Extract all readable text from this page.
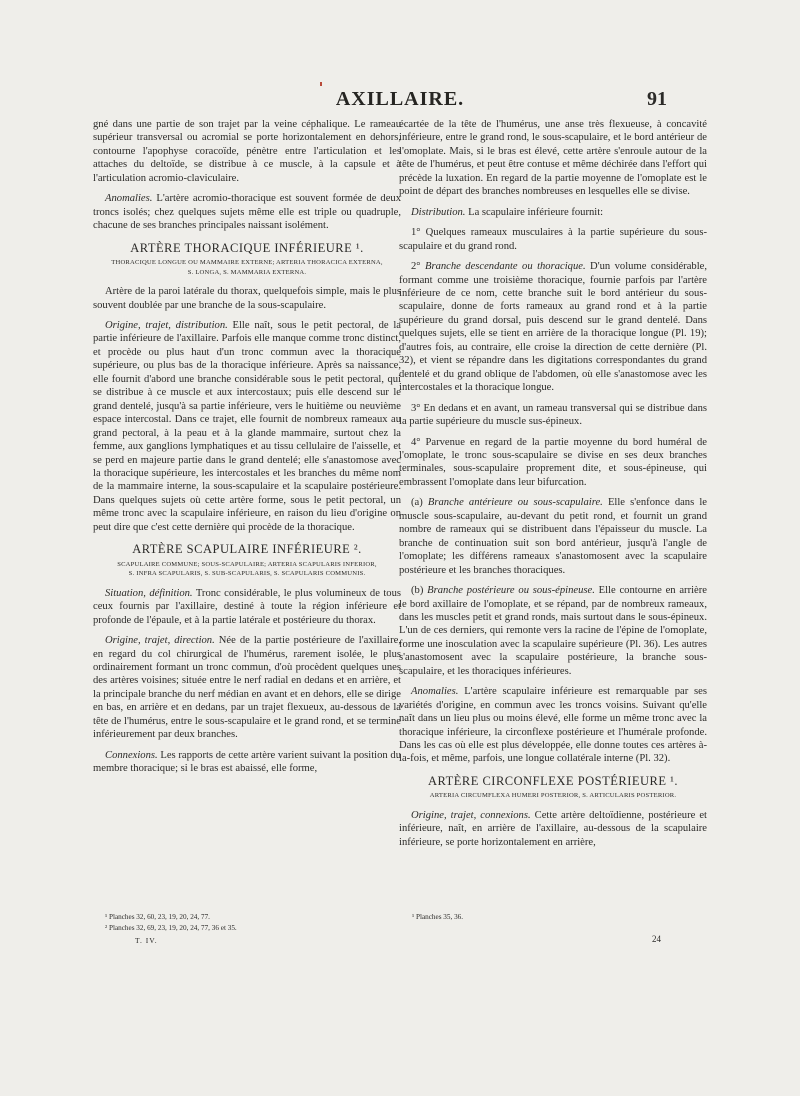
AXILLAIRE.	91

gné dans une partie de son trajet par la veine céphalique. Le rameau supérieur transversal ou acromial se porte horizontalement en dehors, contourne l'apophyse coracoïde, pénètre entre l'articulation et les attaches du deltoïde, se distribue à ce muscle, à la capsule et à l'articulation acromio-claviculaire.

Anomalies. L'artère acromio-thoracique est souvent formée de deux troncs isolés; chez quelques sujets même elle est triple ou quadruple, chacune de ses branches principales naissant isolément.

ARTÈRE THORACIQUE INFÉRIEURE ¹.
THORACIQUE LONGUE OU MAMMAIRE EXTERNE; ARTERIA THORACICA EXTERNA,
S. LONGA, S. MAMMARIA EXTERNA.

Artère de la paroi latérale du thorax, quelquefois simple, mais le plus souvent doublée par une branche de la sous-scapulaire.

Origine, trajet, distribution. Elle naît, sous le petit pectoral, de la partie inférieure de l'axillaire. Parfois elle manque comme tronc distinct, et procède ou plus haut d'un tronc commun avec la thoracique supérieure, ou plus bas de la thoracique inférieure. Après sa naissance, elle fournit d'abord une branche considérable sous le petit pectoral, qui se distribue à ce muscle et aux intercostaux; puis elle descend sur le grand dentelé, jusqu'à sa partie inférieure, vers le huitième ou neuvième espace intercostal. Dans ce trajet, elle fournit de nombreux rameaux au grand pectoral, à la peau et à la glande mammaire, surtout chez la femme, aux ganglions lymphatiques et au tissu cellulaire de l'aisselle, et se perd en majeure partie dans le grand dentelé; elle s'anastomose avec la thoracique supérieure, les intercostales et les branches du même nom de la mammaire interne, la sous-scapulaire et la scapulaire postérieure. Dans quelques sujets où cette artère forme, sous le petit pectoral, un même tronc avec la scapulaire inférieure, en raison du lieu d'origine on peut dire que c'est cette dernière qui procède de la thoracique.

ARTÈRE SCAPULAIRE INFÉRIEURE ².
SCAPULAIRE COMMUNE; SOUS-SCAPULAIRE; ARTERIA SCAPULARIS INFERIOR,
S. INFRA SCAPULARIS, S. SUB-SCAPULARIS, S. SCAPULARIS COMMUNIS.

Situation, définition. Tronc considérable, le plus volumineux de tous ceux fournis par l'axillaire, destiné à toute la région inférieure et profonde de l'épaule, et à la partie latérale et postérieure du thorax.

Origine, trajet, direction. Née de la partie postérieure de l'axillaire, en regard du col chirurgical de l'humérus, rarement isolée, le plus ordinairement formant un tronc commun, d'où procèdent quelques unes des artères voisines; située entre le nerf radial en dedans et en arrière, et la principale branche du nerf médian en avant et en dehors, elle se dirige en bas, en arrière et en dedans, par un trajet flexueux, au-dessous de la tête de l'humérus, entre le sous-scapulaire et le grand rond, et se termine inférieurement par deux branches.

Connexions. Les rapports de cette artère varient suivant la position du membre thoracique; si le bras est abaissé, elle forme,

écartée de la tête de l'humérus, une anse très flexueuse, à concavité inférieure, entre le grand rond, le sous-scapulaire, et le bord antérieur de l'omoplate. Mais, si le bras est élevé, cette artère s'enroule autour de la tête de l'humérus, et peut être contuse et même déchirée dans l'effort qui précède la luxation. En regard de la partie moyenne de l'omoplate est le point de départ des branches nombreuses en lesquelles elle se divise.

Distribution. La scapulaire inférieure fournit:

1° Quelques rameaux musculaires à la partie supérieure du sous-scapulaire et du grand rond.

2° Branche descendante ou thoracique. D'un volume considérable, formant comme une troisième thoracique, fournie parfois par l'artère inférieure de ce nom, cette branche suit le bord antérieur du sous-scapulaire, donne de forts rameaux au grand rond et à la partie supérieure du grand dorsal, puis descend sur le grand dentelé. Dans quelques sujets, elle se tient en arrière de la thoracique longue (Pl. 19); d'autres fois, au contraire, elle croise la direction de cette dernière (Pl. 32), et vient se répandre dans les digitations correspondantes du grand dentelé et du grand oblique de l'abdomen, où elle s'anastomose avec les intercostales et la thoracique longue.

3° En dedans et en avant, un rameau transversal qui se distribue dans la partie supérieure du muscle sus-épineux.

4° Parvenue en regard de la partie moyenne du bord huméral de l'omoplate, le tronc sous-scapulaire se divise en ses deux branches terminales, sous-scapulaire proprement dite, et sous-épineuse, qui embrassent l'omoplate dans leur bifurcation.

(a) Branche antérieure ou sous-scapulaire. Elle s'enfonce dans le muscle sous-scapulaire, au-devant du petit rond, et fournit un grand nombre de rameaux qui se distribuent dans l'épaisseur du muscle. La branche de continuation suit son bord antérieur, jusqu'à l'angle de l'omoplate; les différens rameaux s'anastomosent avec la scapulaire postérieure et les branches thoraciques.

(b) Branche postérieure ou sous-épineuse. Elle contourne en arrière le bord axillaire de l'omoplate, et se répand, par de nombreux rameaux, dans les muscles petit et grand ronds, mais surtout dans le sous-épineux. L'un de ces derniers, qui remonte vers la racine de l'épine de l'omoplate, forme une inosculation avec la scapulaire supérieure (Pl. 36). Les autres s'anastomosent avec la scapulaire postérieure, la branche sous-scapulaire, et les thoraciques inférieures.

Anomalies. L'artère scapulaire inférieure est remarquable par ses variétés d'origine, en commun avec les troncs voisins. Suivant qu'elle naît dans un lieu plus ou moins élevé, elle forme un même tronc avec la thoracique inférieure, la circonflexe postérieure et l'humérale profonde. Dans les cas où elle est plus développée, elle donne toutes ces artères à-la-fois, et même, parfois, une longue collatérale interne (Pl. 32).

ARTÈRE CIRCONFLEXE POSTÉRIEURE ¹.
ARTERIA CIRCUMFLEXA HUMERI POSTERIOR, S. ARTICULARIS POSTERIOR.

Origine, trajet, connexions. Cette artère deltoïdienne, postérieure et inférieure, naît, en arrière de l'axillaire, au-dessous de la scapulaire inférieure, se porte horizontalement en arrière,

¹ Planches 32, 60, 23, 19, 20, 24, 77.
² Planches 32, 69, 23, 19, 20, 24, 77, 36 et 35.
T. IV.
¹ Planches 35, 36.
24
